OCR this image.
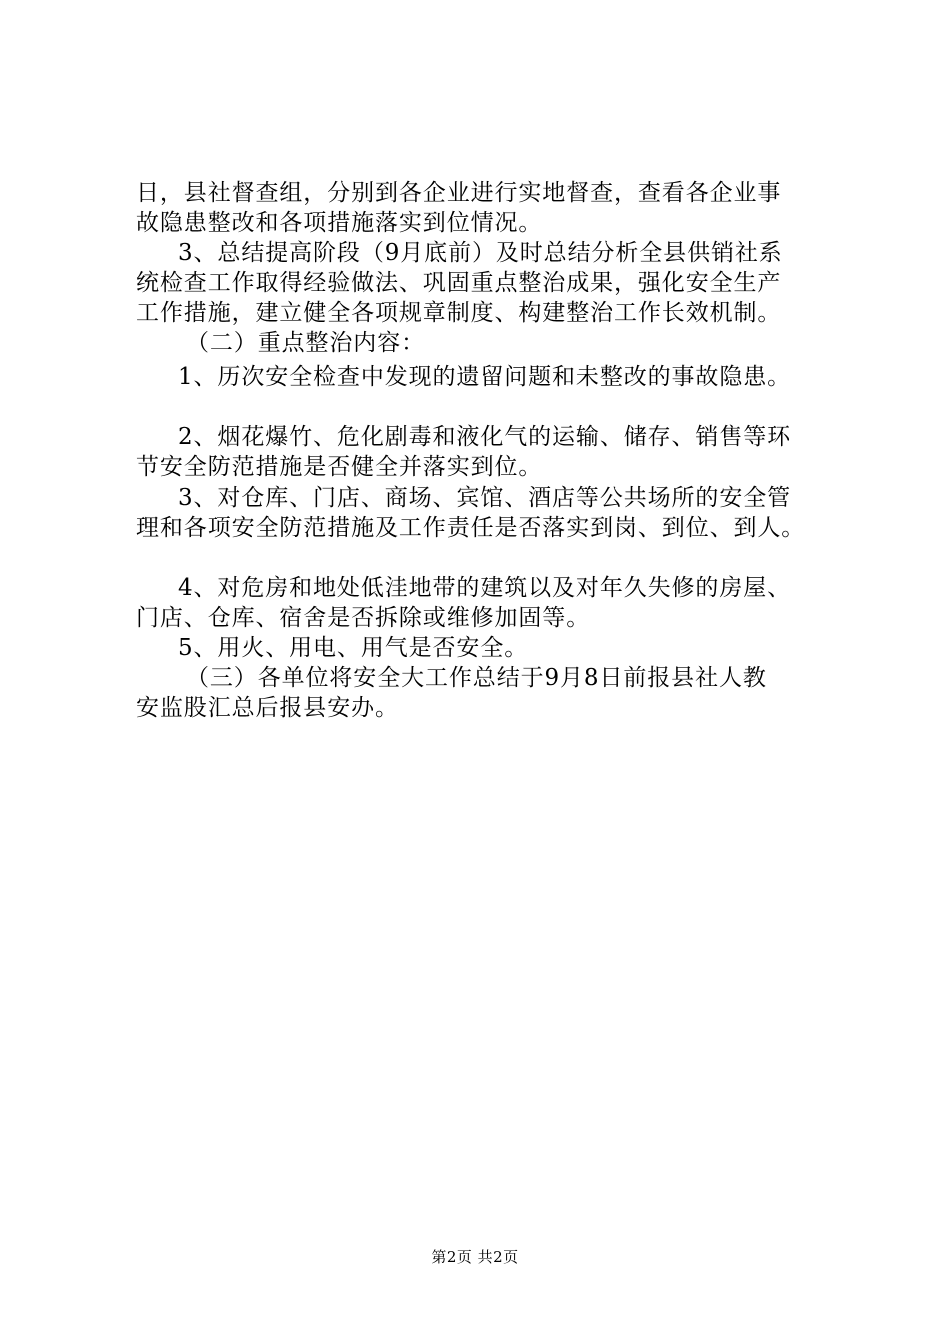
日，县社督查组，分别到各企业进行实地督查，查看各企业事
故隐患整改和各项措施落实到位情况。
3、总结提高阶段（9月底前）及时总结分析全县供销社系
统检查工作取得经验做法、巩固重点整治成果，强化安全生产
工作措施，建立健全各项规章制度、构建整治工作长效机制。
（二）重点整治内容：
1、历次安全检查中发现的遗留问题和未整改的事故隐患。
2、烟花爆竹、危化剧毒和液化气的运输、储存、销售等环
节安全防范措施是否健全并落实到位。
3、对仓库、门店、商场、宾馆、酒店等公共场所的安全管
理和各项安全防范措施及工作责任是否落实到岗、到位、到人。
4、对危房和地处低洼地带的建筑以及对年久失修的房屋、
门店、仓库、宿舍是否拆除或维修加固等。
5、用火、用电、用气是否安全。
（三）各单位将安全大工作总结于9月8日前报县社人教
安监股汇总后报县安办。
第2页 共2页
